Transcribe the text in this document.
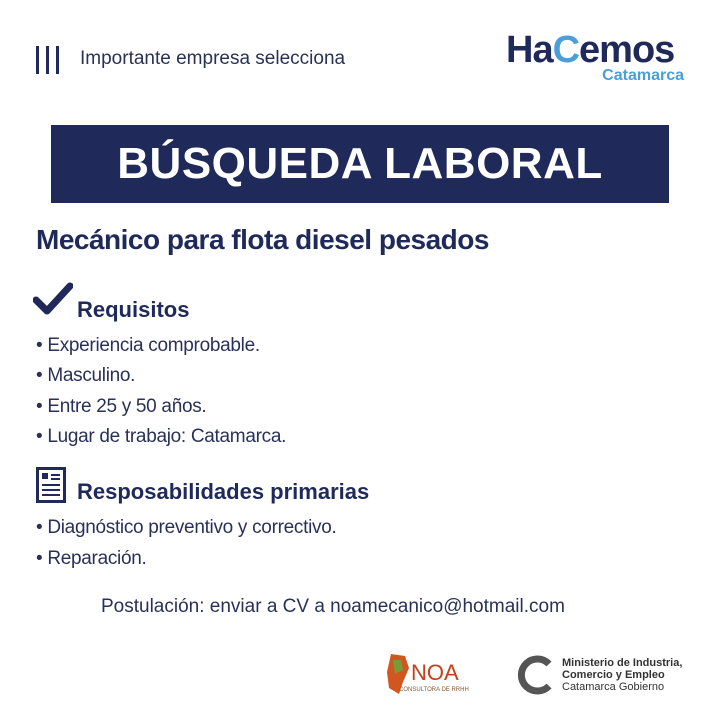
Importante empresa selecciona	HaCemos
Catamarca
BÚSQUEDA LABORAL
Mecánico para flota diesel pesados
Requisitos
• Experiencia comprobable.
• Masculino.
• Entre 25 y 50 años.
• Lugar de trabajo: Catamarca.
Resposabilidades primarias
• Diagnóstico preventivo y correctivo.
• Reparación.
Postulación: enviar a CV a noamecanico@hotmail.com
NOA
CONSULTORA DE RRHH
Ministerio de Industria,
Comercio y Empleo
Catamarca Gobierno
